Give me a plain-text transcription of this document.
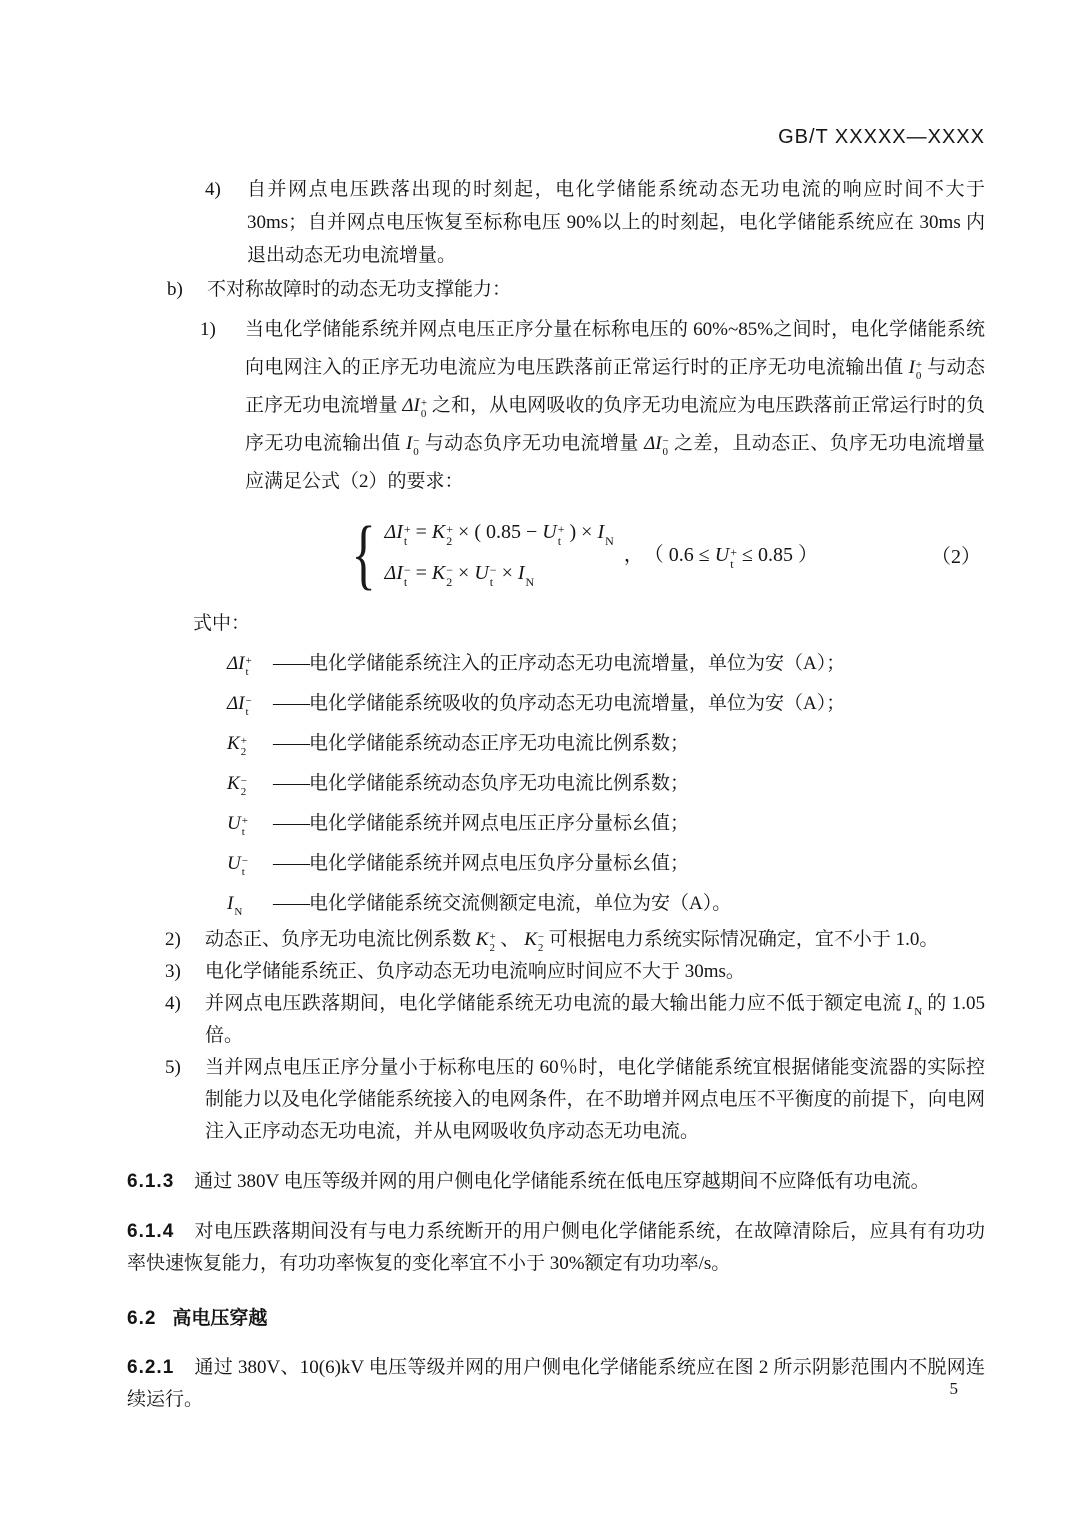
GB/T XXXXX—XXXX

4)	自并网点电压跌落出现的时刻起，电化学储能系统动态无功电流的响应时间不大于 30ms；自并网点电压恢复至标称电压 90%以上的时刻起，电化学储能系统应在 30ms 内退出动态无功电流增量。
b)	不对称故障时的动态无功支撑能力：
1)	当电化学储能系统并网点电压正序分量在标称电压的 60%~85%之间时，电化学储能系统向电网注入的正序无功电流应为电压跌落前正常运行时的正序无功电流输出值 I +
0 与动态正序无功电流增量 ΔI +
0 之和，从电网吸收的负序无功电流应为电压跌落前正常运行时的负序无功电流输出值 I −
0 与动态负序无功电流增量 ΔI −
0 之差，且动态正、负序无功电流增量应满足公式（2）的要求：
{ ΔI +
t = K +
2 × ( 0.85 − U +
t ) × I N
ΔI −
t = K −
2 × U −
t × I N
，　（ 0.6 ≤ U +
t ≤ 0.85 ）	（2）

式中：

ΔI +
t —— 电化学储能系统注入的正序动态无功电流增量，单位为安（A）；
ΔI −
t —— 电化学储能系统吸收的负序动态无功电流增量，单位为安（A）；
K +
2 —— 电化学储能系统动态正序无功电流比例系数；
K −
2 —— 电化学储能系统动态负序无功电流比例系数；
U +
t —— 电化学储能系统并网点电压正序分量标幺值；
U −
t —— 电化学储能系统并网点电压负序分量标幺值；
I N —— 电化学储能系统交流侧额定电流，单位为安（A）。
2)	动态正、负序无功电流比例系数 K +
2 、 K −
2 可根据电力系统实际情况确定，宜不小于 1.0。
3)	电化学储能系统正、负序动态无功电流响应时间应不大于 30ms。
4)	并网点电压跌落期间，电化学储能系统无功电流的最大输出能力应不低于额定电流 I N 的 1.05 倍。
5)	当并网点电压正序分量小于标称电压的 60％时，电化学储能系统宜根据储能变流器的实际控制能力以及电化学储能系统接入的电网条件，在不助增并网点电压不平衡度的前提下，向电网注入正序动态无功电流，并从电网吸收负序动态无功电流。

6.1.3 通过 380V 电压等级并网的用户侧电化学储能系统在低电压穿越期间不应降低有功电流。

6.1.4 对电压跌落期间没有与电力系统断开的用户侧电化学储能系统，在故障清除后，应具有有功功率快速恢复能力，有功功率恢复的变化率宜不小于 30%额定有功功率/s。

6.2 高电压穿越

6.2.1 通过 380V、10(6)kV 电压等级并网的用户侧电化学储能系统应在图 2 所示阴影范围内不脱网连续运行。

5
